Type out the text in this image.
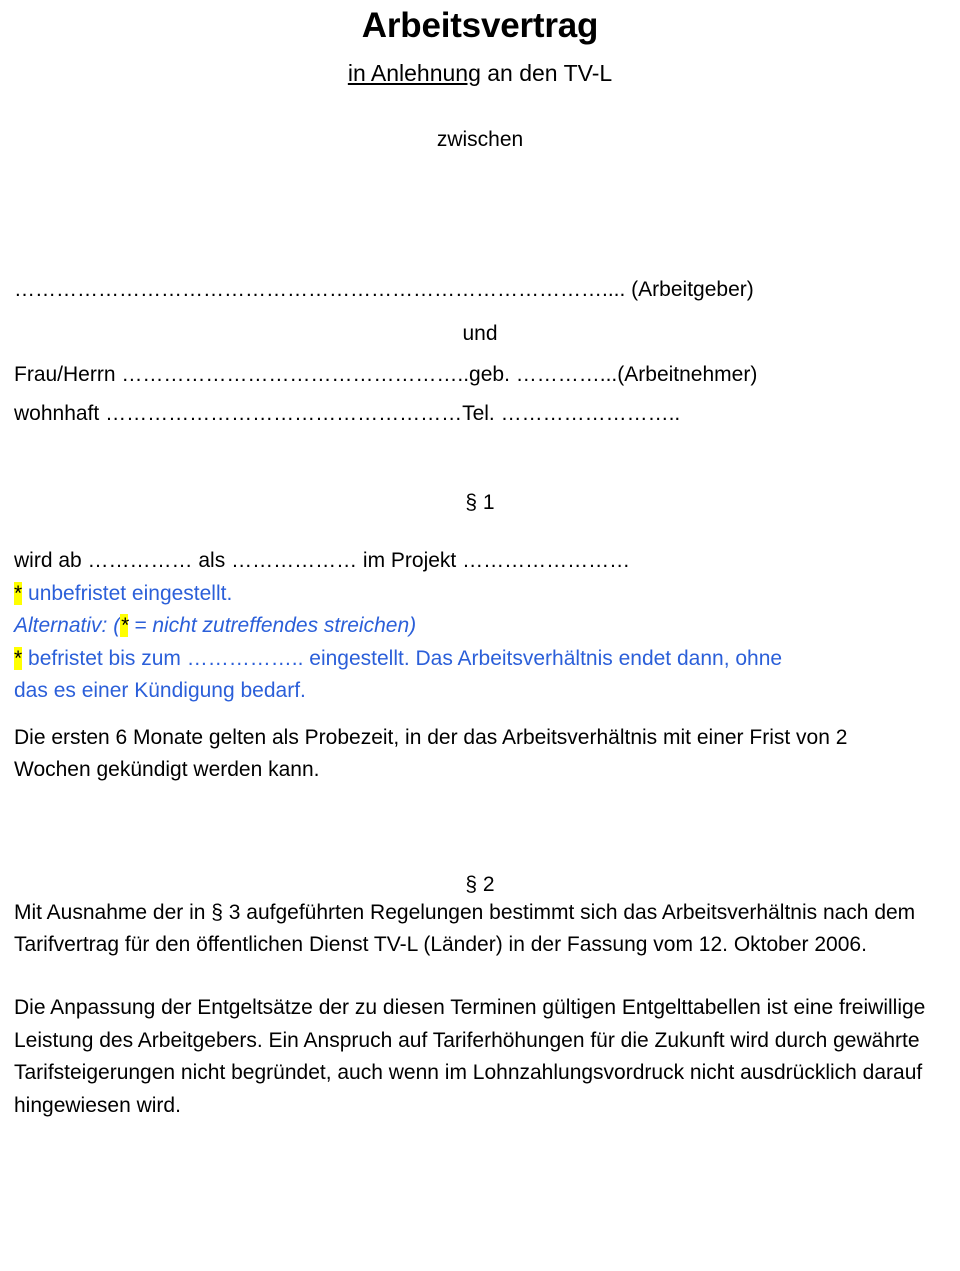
Arbeitsvertrag
in Anlehnung an den TV-L
zwischen
………………………………………………………………………….... (Arbeitgeber)
und
Frau/Herrn …………………………………………..geb. …………...(Arbeitnehmer)
wohnhaft ……………………………………………Tel. ……………………..
§ 1
wird ab …………… als ……………… im Projekt ……………………
* unbefristet eingestellt.
Alternativ: (* = nicht zutreffendes streichen)
* befristet bis zum …………….. eingestellt. Das Arbeitsverhältnis endet dann, ohne
das es einer Kündigung bedarf.
Die ersten 6 Monate gelten als Probezeit, in der das Arbeitsverhältnis mit einer Frist von 2
Wochen gekündigt werden kann.
§ 2
Mit Ausnahme der in § 3 aufgeführten Regelungen bestimmt sich das Arbeitsverhältnis nach dem Tarifvertrag für den öffentlichen Dienst TV-L (Länder) in der Fassung vom 12. Oktober 2006.
Die Anpassung der Entgeltsätze der zu diesen Terminen gültigen Entgelttabellen ist eine freiwillige Leistung des Arbeitgebers. Ein Anspruch auf Tariferhöhungen für die Zukunft wird durch gewährte Tarifsteigerungen nicht begründet, auch wenn im Lohnzahlungsvordruck nicht ausdrücklich darauf hingewiesen wird.
